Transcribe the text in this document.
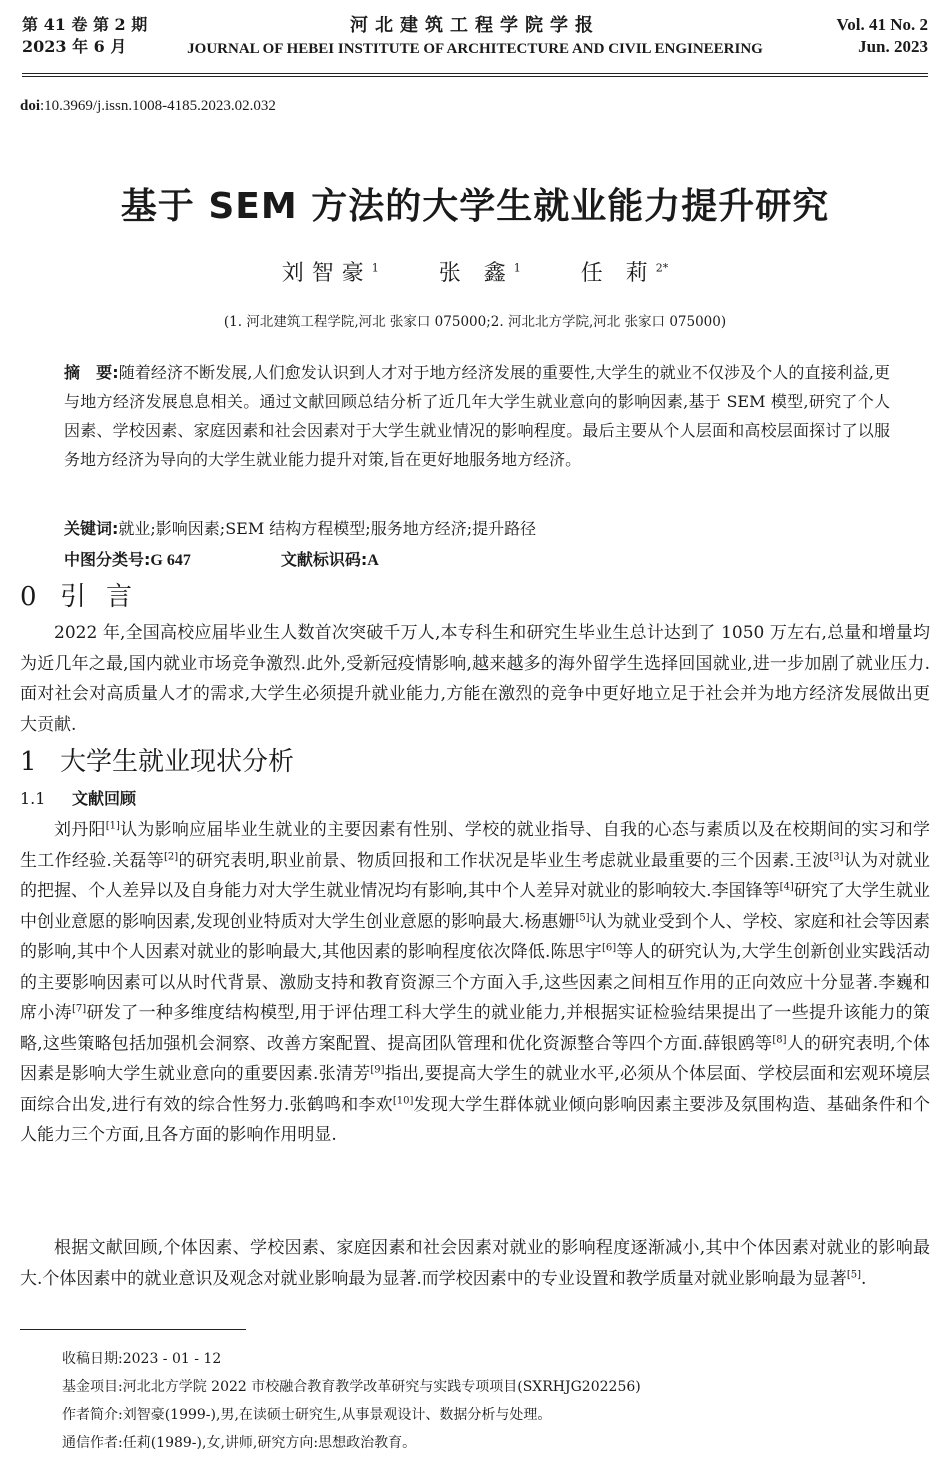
第 41 卷 第 2 期
2023 年 6 月
河北建筑工程学院学报
JOURNAL OF HEBEI INSTITUTE OF ARCHITECTURE AND CIVIL ENGINEERING
Vol. 41 No. 2
Jun. 2023
doi:10.3969/j.issn.1008-4185.2023.02.032
基于 SEM 方法的大学生就业能力提升研究
刘智豪$^1$	张 鑫$^1$	任 莉$^{2*}$
(1. 河北建筑工程学院,河北 张家口 075000;2. 河北北方学院,河北 张家口 075000)
摘　要:随着经济不断发展,人们愈发认识到人才对于地方经济发展的重要性,大学生的就业不仅涉及个人的直接利益,更与地方经济发展息息相关。通过文献回顾总结分析了近几年大学生就业意向的影响因素,基于 SEM 模型,研究了个人因素、学校因素、家庭因素和社会因素对于大学生就业情况的影响程度。最后主要从个人层面和高校层面探讨了以服务地方经济为导向的大学生就业能力提升对策,旨在更好地服务地方经济。
关键词:就业;影响因素;SEM 结构方程模型;服务地方经济;提升路径
中图分类号:G 647	文献标识码:A
0 引言
2022 年,全国高校应届毕业生人数首次突破千万人,本专科生和研究生毕业生总计达到了 1050 万左右,总量和增量均为近几年之最,国内就业市场竞争激烈.此外,受新冠疫情影响,越来越多的海外留学生选择回国就业,进一步加剧了就业压力.面对社会对高质量人才的需求,大学生必须提升就业能力,方能在激烈的竞争中更好地立足于社会并为地方经济发展做出更大贡献.
1 大学生就业现状分析
1.1 文献回顾
刘丹阳[1]认为影响应届毕业生就业的主要因素有性别、学校的就业指导、自我的心态与素质以及在校期间的实习和学生工作经验.关磊等[2]的研究表明,职业前景、物质回报和工作状况是毕业生考虑就业最重要的三个因素.王波[3]认为对就业的把握、个人差异以及自身能力对大学生就业情况均有影响,其中个人差异对就业的影响较大.李国锋等[4]研究了大学生就业中创业意愿的影响因素,发现创业特质对大学生创业意愿的影响最大.杨惠姗[5]认为就业受到个人、学校、家庭和社会等因素的影响,其中个人因素对就业的影响最大,其他因素的影响程度依次降低.陈思宇[6]等人的研究认为,大学生创新创业实践活动的主要影响因素可以从时代背景、激励支持和教育资源三个方面入手,这些因素之间相互作用的正向效应十分显著.李巍和席小涛[7]研发了一种多维度结构模型,用于评估理工科大学生的就业能力,并根据实证检验结果提出了一些提升该能力的策略,这些策略包括加强机会洞察、改善方案配置、提高团队管理和优化资源整合等四个方面.薛银鸥等[8]人的研究表明,个体因素是影响大学生就业意向的重要因素.张清芳[9]指出,要提高大学生的就业水平,必须从个体层面、学校层面和宏观环境层面综合出发,进行有效的综合性努力.张鹤鸣和李欢[10]发现大学生群体就业倾向影响因素主要涉及氛围构造、基础条件和个人能力三个方面,且各方面的影响作用明显.
根据文献回顾,个体因素、学校因素、家庭因素和社会因素对就业的影响程度逐渐减小,其中个体因素对就业的影响最大.个体因素中的就业意识及观念对就业影响最为显著.而学校因素中的专业设置和教学质量对就业影响最为显著[5].
收稿日期:2023 - 01 - 12
基金项目:河北北方学院 2022 市校融合教育教学改革研究与实践专项项目(SXRHJG202256)
作者简介:刘智豪(1999-),男,在读硕士研究生,从事景观设计、数据分析与处理。
通信作者:任莉(1989-),女,讲师,研究方向:思想政治教育。
